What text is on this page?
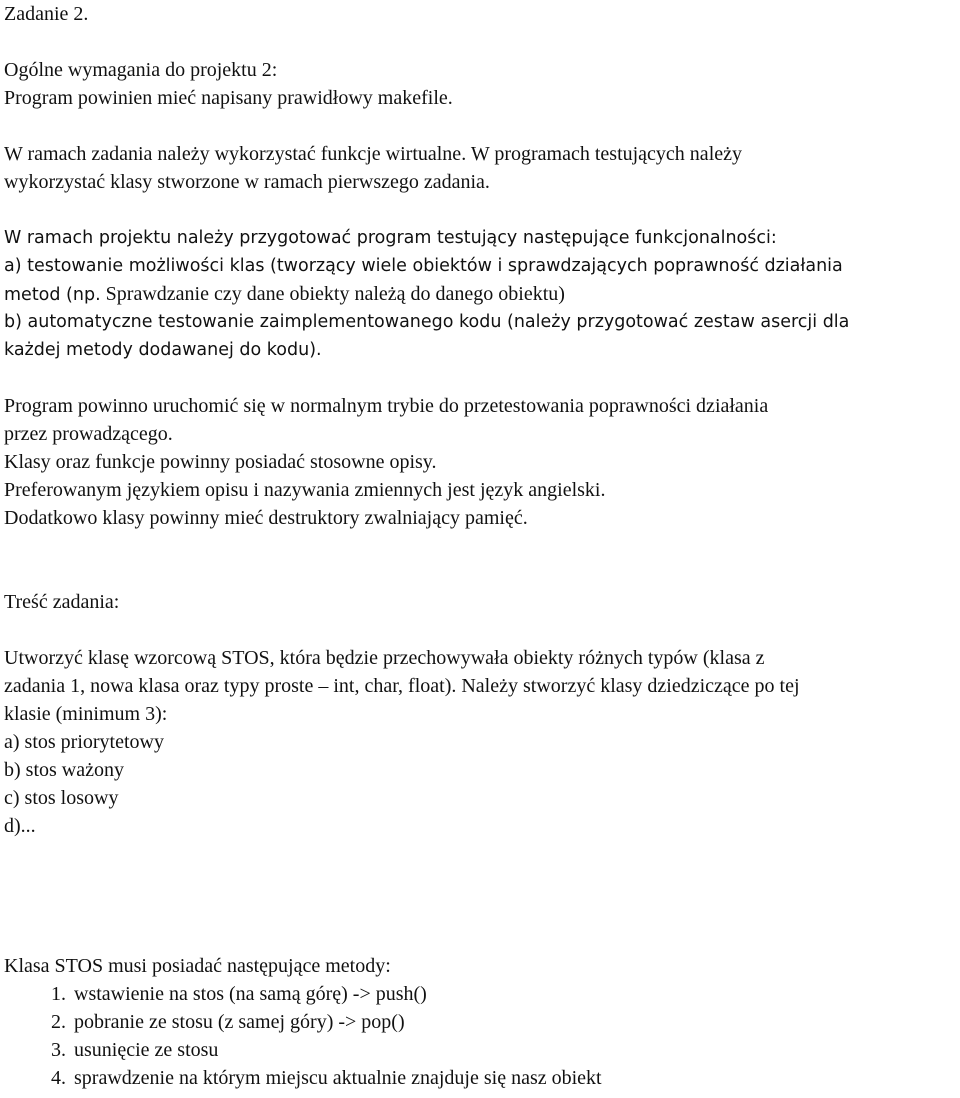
Zadanie 2.
Ogólne wymagania do projektu 2:
Program powinien mieć napisany prawidłowy makefile.
W ramach zadania należy wykorzystać funkcje wirtualne. W programach testujących należy
wykorzystać klasy stworzone w ramach pierwszego zadania.
W ramach projektu należy przygotować program testujący następujące funkcjonalności:
a) testowanie możliwości klas (tworzący wiele obiektów i sprawdzających poprawność działania
metod (np. Sprawdzanie czy dane obiekty należą do danego obiektu)
b) automatyczne testowanie zaimplementowanego kodu (należy przygotować zestaw asercji dla
każdej metody dodawanej do kodu).
Program powinno uruchomić się w normalnym trybie do przetestowania poprawności działania
przez prowadzącego.
Klasy oraz funkcje powinny posiadać stosowne opisy.
Preferowanym językiem opisu i nazywania zmiennych jest język angielski.
Dodatkowo klasy powinny mieć destruktory zwalniający pamięć.
Treść zadania:
Utworzyć klasę wzorcową STOS, która będzie przechowywała obiekty różnych typów (klasa z
zadania 1, nowa klasa oraz typy proste – int, char, float). Należy stworzyć klasy dziedziczące po tej
klasie (minimum 3):
a) stos priorytetowy
b) stos ważony
c) stos losowy
d)...
Klasa STOS musi posiadać następujące metody:
1. wstawienie na stos (na samą górę) -> push()
2. pobranie ze stosu (z samej góry) -> pop()
3. usunięcie ze stosu
4. sprawdzenie na którym miejscu aktualnie znajduje się nasz obiekt
